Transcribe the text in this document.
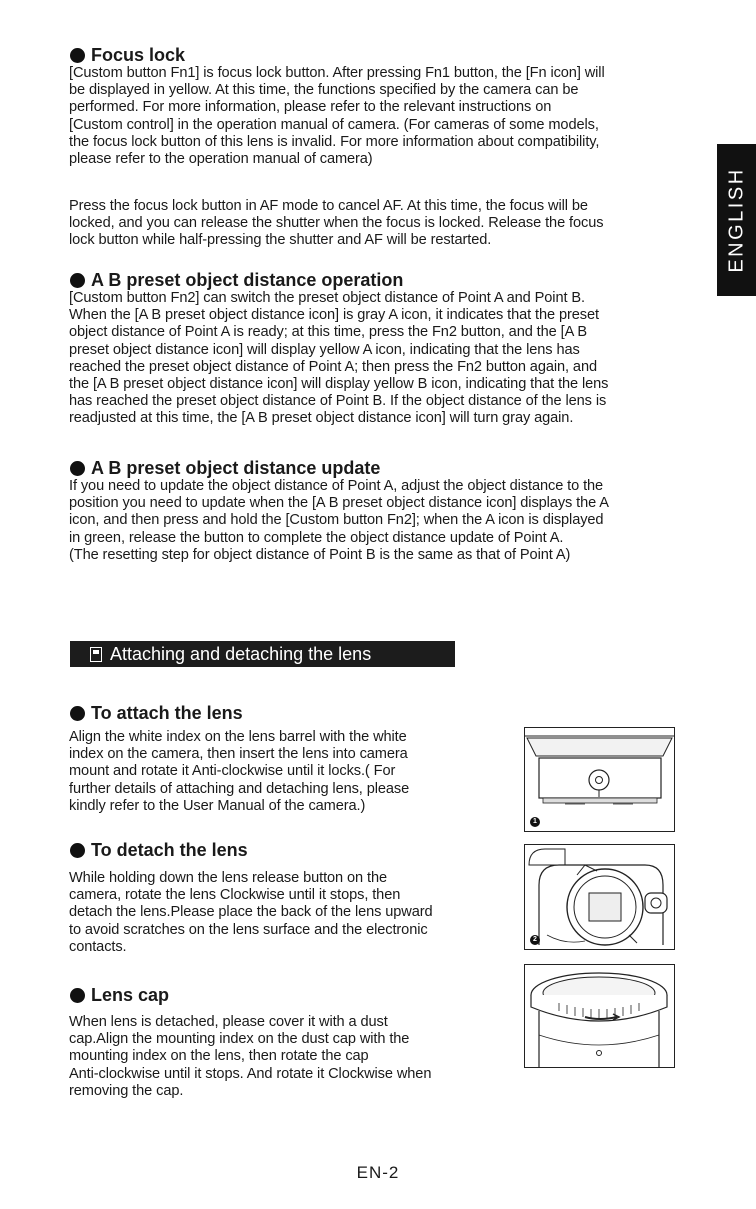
ENGLISH
Focus lock
[Custom button Fn1] is focus lock button. After pressing Fn1 button, the [Fn icon] will
be displayed in yellow. At this time, the functions specified by the camera can be
performed. For more information, please refer to the relevant instructions on
[Custom control] in the operation manual of camera. (For cameras of some models,
the focus lock button of this lens is invalid. For more information about compatibility,
please refer to the operation manual of camera)
Press the focus lock button in AF mode to cancel AF. At this time, the focus will be
locked, and you can release the shutter when the focus is locked. Release the focus
lock button while half-pressing the shutter and AF will be restarted.
A B preset object distance operation
[Custom button Fn2] can switch the preset object distance of Point A and Point B.
When the [A B preset object distance icon] is gray A icon, it indicates that the preset
object distance of Point A is ready; at this time, press the Fn2 button, and the [A B
preset object distance icon] will display yellow A icon, indicating that the lens has
reached the preset object distance of Point A; then press the Fn2 button again, and
the [A B preset object distance icon] will display yellow B icon, indicating that the lens
has reached the preset object distance of Point B. If the object distance of the lens is
readjusted at this time, the [A B preset object distance icon] will turn gray again.
A B preset object distance update
If you need to update the object distance of Point A, adjust the object distance to the
position you need to update when the [A B preset object distance icon] displays the A
icon, and then press and hold the [Custom button Fn2]; when the A icon is displayed
in green, release the button to complete the object distance update of Point A.
(The resetting step for object distance of Point B is the same as that of Point A)
Attaching and detaching the lens
To attach the lens
Align the white index on the lens barrel with the white
index on the camera, then insert the lens into camera
mount and rotate it Anti-clockwise until it locks.( For
further details of attaching and detaching lens, please
kindly refer to the User Manual of the camera.)
To detach the lens
While holding down the lens release button on the
camera, rotate the lens Clockwise until it stops, then
detach the lens.Please place the back of the lens upward
to avoid scratches on the lens surface and the electronic
contacts.
Lens cap
When lens is detached, please cover it with a dust
cap.Align the mounting index on the dust cap with the
mounting index on the lens, then rotate the cap
Anti-clockwise until it stops. And rotate it Clockwise when
removing the cap.
1
2
EN-2
